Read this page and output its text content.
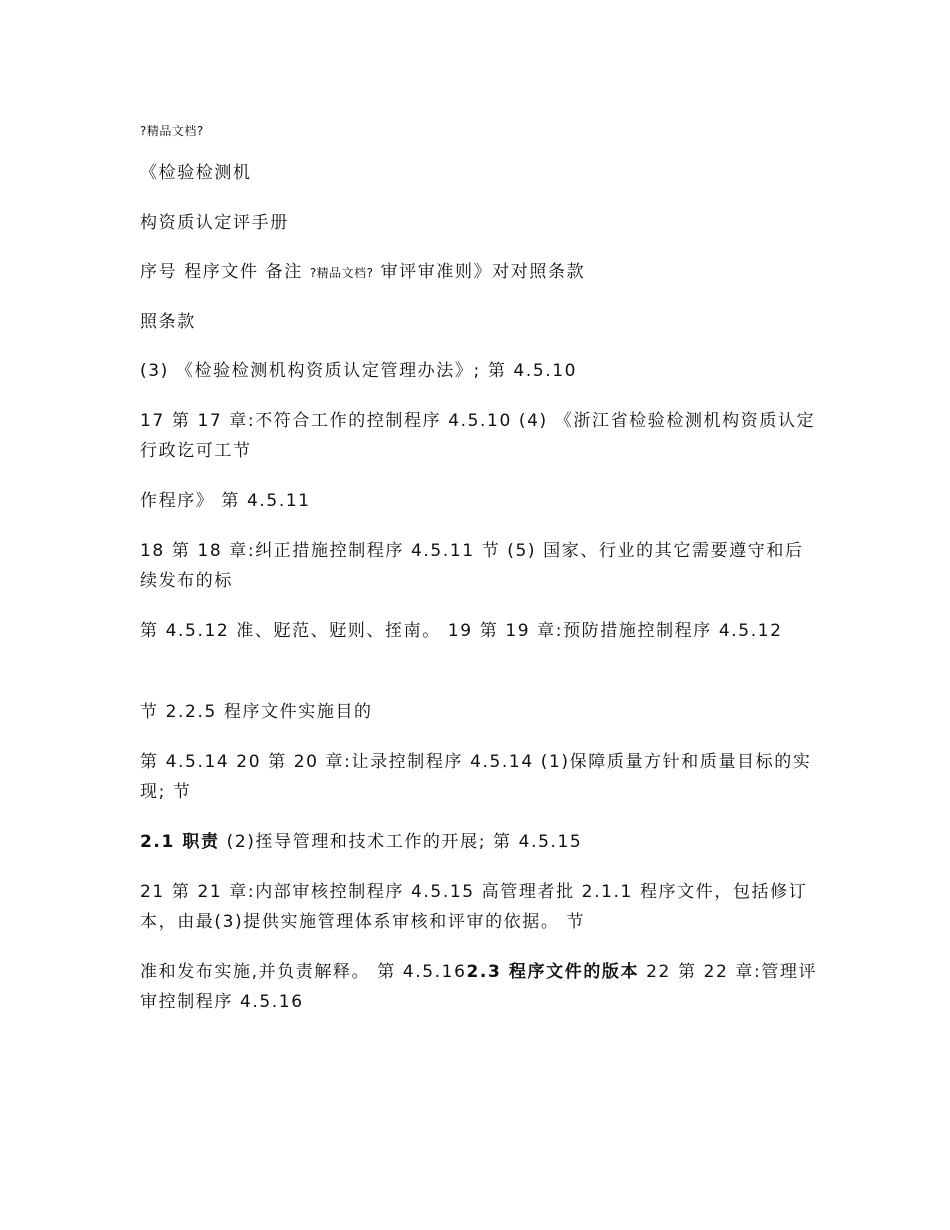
?精品文档?

《检验检测机

构资质认定评手册

序号 程序文件 备注 ?精品文档? 审评审准则》对对照条款

照条款

(3) 《检验检测机构资质认定管理办法》; 第 4.5.10

17 第 17 章:不符合工作的控制程序 4.5.10 (4) 《浙江省检验检测机构资质认定行政讫可工节

作程序》 第 4.5.11

18 第 18 章:纠正措施控制程序 4.5.11 节 (5) 国家、行业的其它需要遵守和后续发布的标

第 4.5.12 准、觃范、觃则、挃南。 19 第 19 章:预防措施控制程序 4.5.12

节 2.2.5 程序文件实施目的

第 4.5.14 20 第 20 章:让录控制程序 4.5.14 (1)保障质量方针和质量目标的实现; 节

2.1 职责 (2)挃导管理和技术工作的开展; 第 4.5.15

21 第 21 章:内部审核控制程序 4.5.15 高管理者批 2.1.1 程序文件，包括修订本，由最(3)提供实施管理体系审核和评审的依据。 节

准和发布实施,并负责解释。 第 4.5.162.3 程序文件的版本 22 第 22 章:管理评审控制程序 4.5.16
